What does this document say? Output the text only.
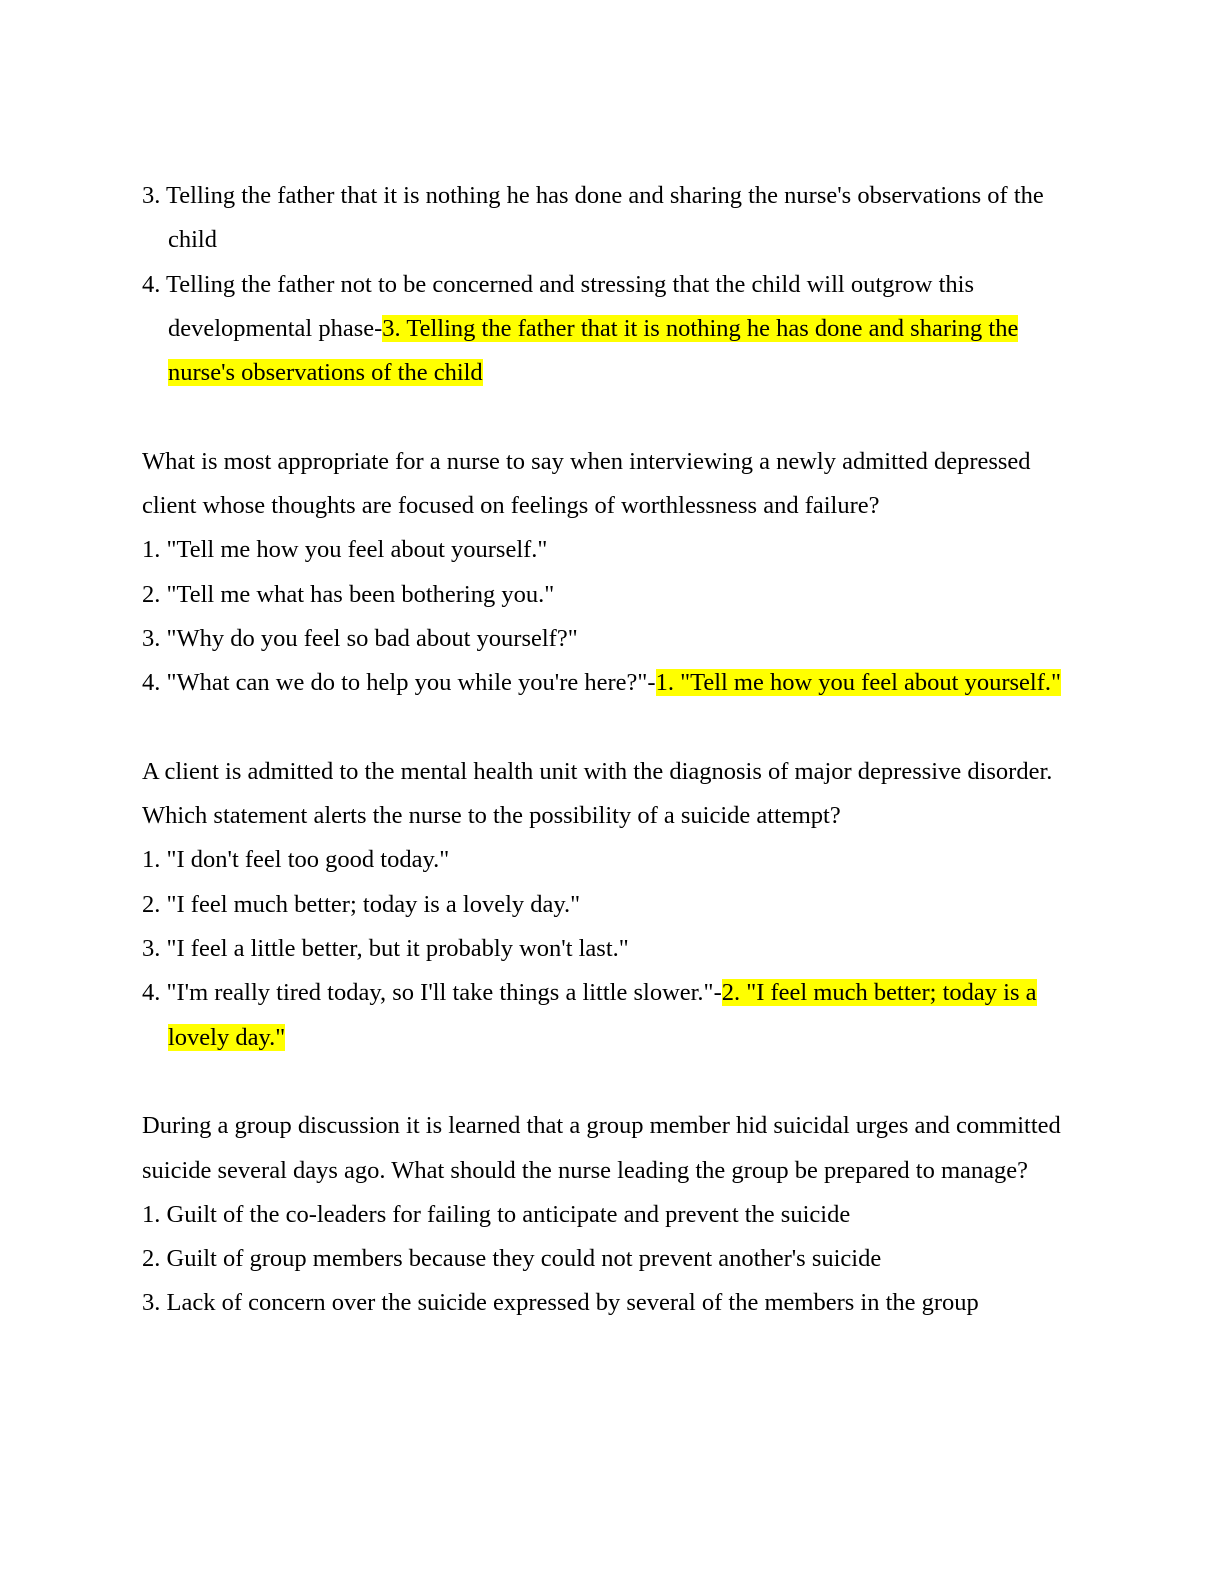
3. Telling the father that it is nothing he has done and sharing the nurse's observations of the child
4. Telling the father not to be concerned and stressing that the child will outgrow this developmental phase-3. Telling the father that it is nothing he has done and sharing the nurse's observations of the child
What is most appropriate for a nurse to say when interviewing a newly admitted depressed client whose thoughts are focused on feelings of worthlessness and failure?
1. "Tell me how you feel about yourself."
2. "Tell me what has been bothering you."
3. "Why do you feel so bad about yourself?"
4. "What can we do to help you while you're here?"-1. "Tell me how you feel about yourself."
A client is admitted to the mental health unit with the diagnosis of major depressive disorder. Which statement alerts the nurse to the possibility of a suicide attempt?
1. "I don't feel too good today."
2. "I feel much better; today is a lovely day."
3. "I feel a little better, but it probably won't last."
4. "I'm really tired today, so I'll take things a little slower."-2. "I feel much better; today is a lovely day."
During a group discussion it is learned that a group member hid suicidal urges and committed suicide several days ago. What should the nurse leading the group be prepared to manage?
1. Guilt of the co-leaders for failing to anticipate and prevent the suicide
2. Guilt of group members because they could not prevent another's suicide
3. Lack of concern over the suicide expressed by several of the members in the group
